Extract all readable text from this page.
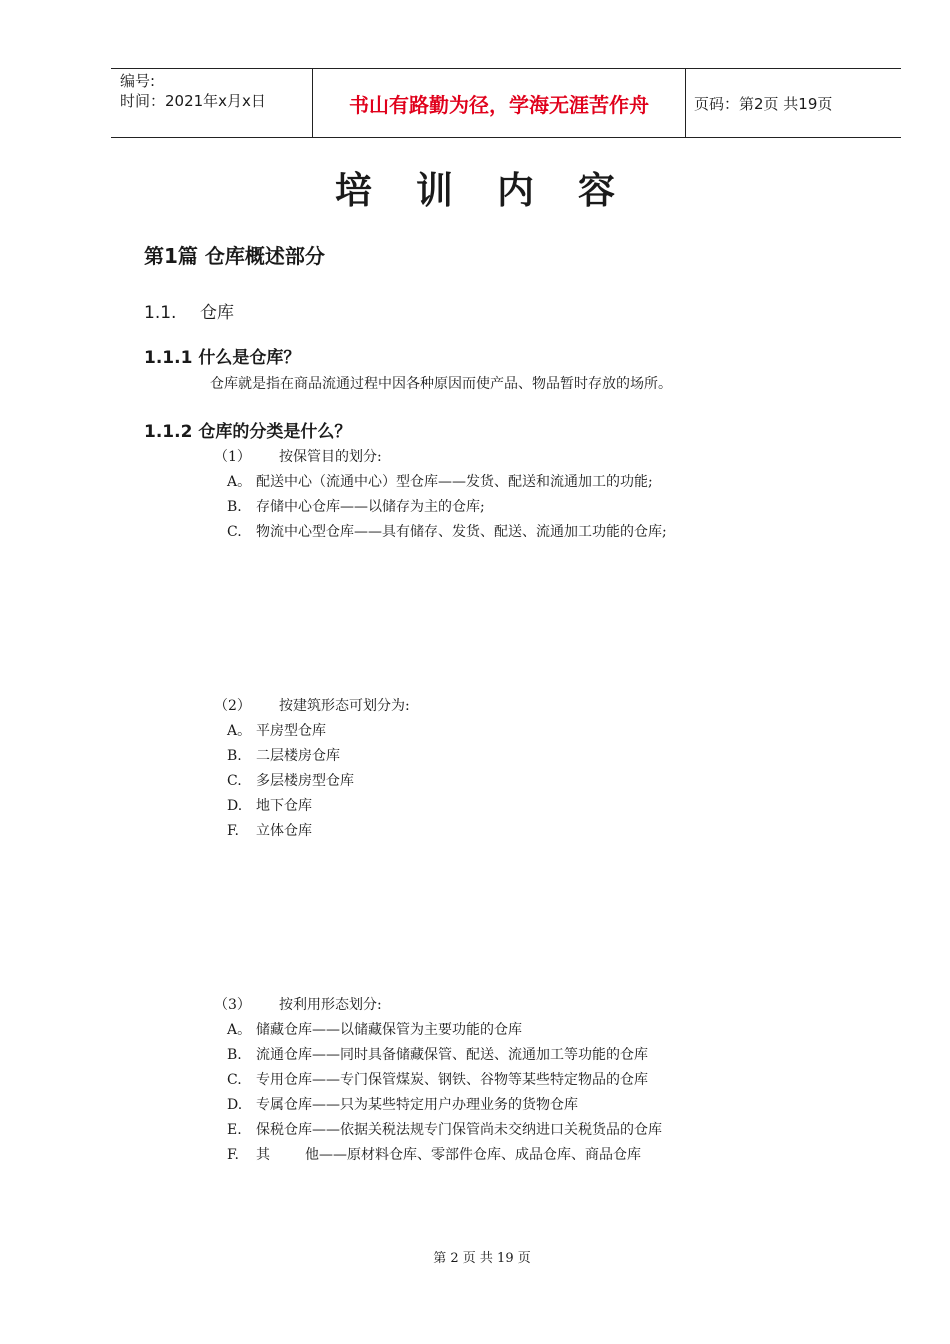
编号:
时间：2021年x月x日	书山有路勤为径，学海无涯苦作舟	页码：第2页 共19页
培训内容
第1篇 仓库概述部分
1.1. 仓库
1.1.1 什么是仓库？
仓库就是指在商品流通过程中因各种原因而使产品、物品暂时存放的场所。
1.1.2 仓库的分类是什么？
（1） 按保管目的划分:
A。 配送中心（流通中心）型仓库——发货、配送和流通加工的功能;
B. 存储中心仓库——以储存为主的仓库;
C. 物流中心型仓库——具有储存、发货、配送、流通加工功能的仓库;
（2） 按建筑形态可划分为:
A。 平房型仓库
B. 二层楼房仓库
C. 多层楼房型仓库
D. 地下仓库
F. 立体仓库
（3） 按利用形态划分:
A。 储藏仓库——以储藏保管为主要功能的仓库
B. 流通仓库——同时具备储藏保管、配送、流通加工等功能的仓库
C. 专用仓库——专门保管煤炭、钢铁、谷物等某些特定物品的仓库
D. 专属仓库——只为某些特定用户办理业务的货物仓库
E. 保税仓库——依据关税法规专门保管尚未交纳进口关税货品的仓库
F. 其	他——原材料仓库、零部件仓库、成品仓库、商品仓库
第 2 页 共 19 页
